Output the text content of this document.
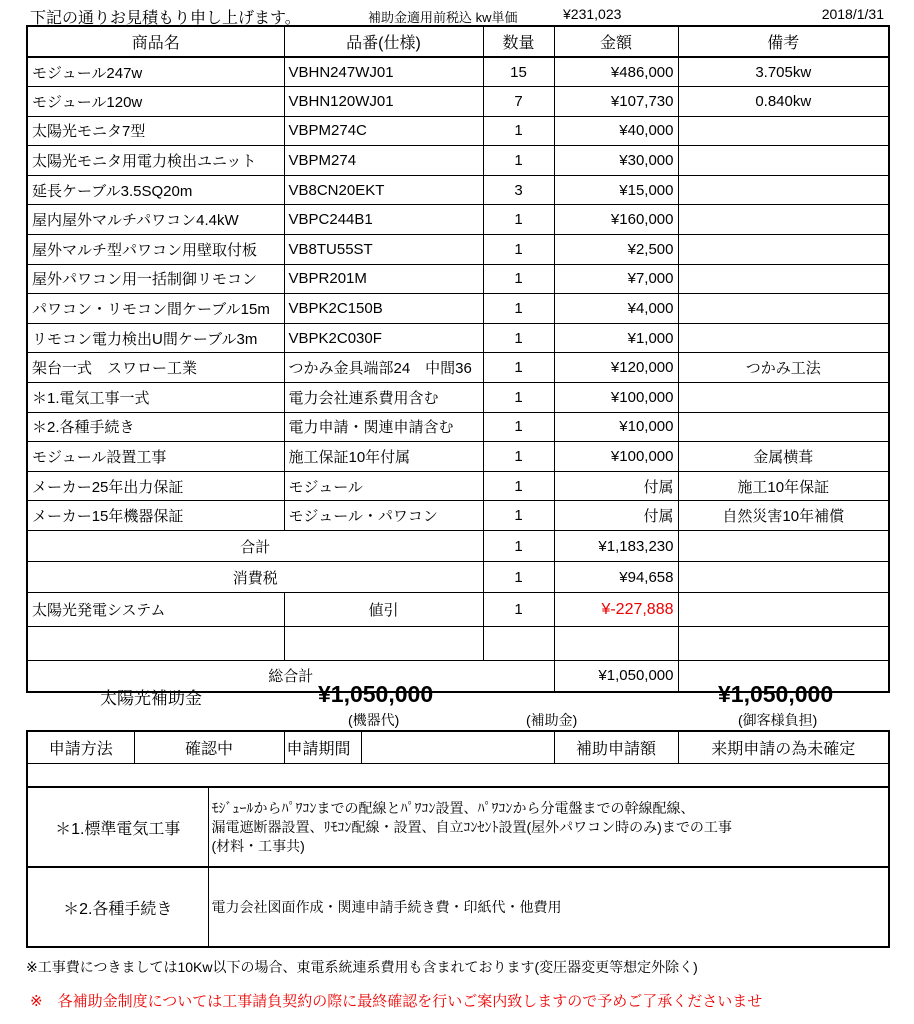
下記の通りお見積もり申し上げます。	補助金適用前税込 kw単価	¥231,023	2018/1/31
商品名	品番(仕様)	数量	金額	備考
モジュール247w	VBHN247WJ01	15	¥486,000	3.705kw
モジュール120w	VBHN120WJ01	7	¥107,730	0.840kw
太陽光モニタ7型	VBPM274C	1	¥40,000	
太陽光モニタ用電力検出ユニット	VBPM274	1	¥30,000	
延長ケーブル3.5SQ20m	VB8CN20EKT	3	¥15,000	
屋内屋外マルチパワコン4.4kW	VBPC244B1	1	¥160,000	
屋外マルチ型パワコン用壁取付板	VB8TU55ST	1	¥2,500	
屋外パワコン用一括制御リモコン	VBPR201M	1	¥7,000	
パワコン・リモコン間ケーブル15m	VBPK2C150B	1	¥4,000	
リモコン電力検出U間ケーブル3m	VBPK2C030F	1	¥1,000	
架台一式　スワロー工業	つかみ金具端部24　中間36	1	¥120,000	つかみ工法
＊1.電気工事一式	電力会社連系費用含む	1	¥100,000	
＊2.各種手続き	電力申請・関連申請含む	1	¥10,000	
モジュール設置工事	施工保証10年付属	1	¥100,000	金属横葺
メーカー25年出力保証	モジュール	1	付属	施工10年保証
メーカー15年機器保証	モジュール・パワコン	1	付属	自然災害10年補償
合計		1	¥1,183,230	
消費税		1	¥94,658	
太陽光発電システム	値引	1	¥-227,888	

総合計			¥1,050,000	
太陽光補助金	¥1,050,000	¥1,050,000
(機器代)	(補助金)	(御客様負担)
申請方法	確認中		申請期間		補助申請額	来期申請の為未確定

＊1.標準電気工事		ﾓｼﾞｭｰﾙからﾊﾟﾜｺﾝまでの配線とﾊﾟﾜｺﾝ設置、ﾊﾟﾜｺﾝから分電盤までの幹線配線、
漏電遮断器設置、ﾘﾓｺﾝ配線・設置、自立ｺﾝｾﾝﾄ設置(屋外パワコン時のみ)までの工事
(材料・工事共)				

＊2.各種手続き		電力会社図面作成・関連申請手続き費・印紙代・他費用				
※工事費につきましては10Kw以下の場合、東電系統連系費用も含まれております(変圧器変更等想定外除く)
※　各補助金制度については工事請負契約の際に最終確認を行いご案内致しますので予めご了承くださいませ
